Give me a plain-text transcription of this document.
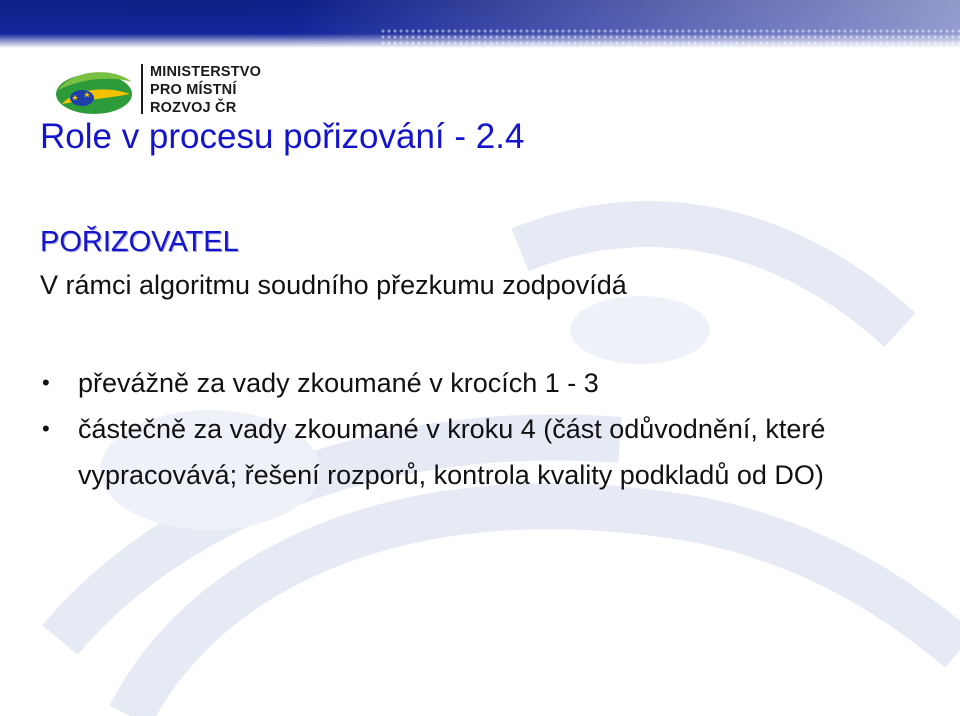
MINISTERSTVO
PRO MÍSTNÍ
ROZVOJ ČR
Role v procesu pořizování - 2.4
POŘIZOVATEL
V rámci algoritmu soudního přezkumu zodpovídá
• převážně za vady zkoumané v krocích 1 - 3
• částečně za vady zkoumané v kroku 4 (část odůvodnění, které vypracovává; řešení rozporů, kontrola kvality podkladů od DO)
